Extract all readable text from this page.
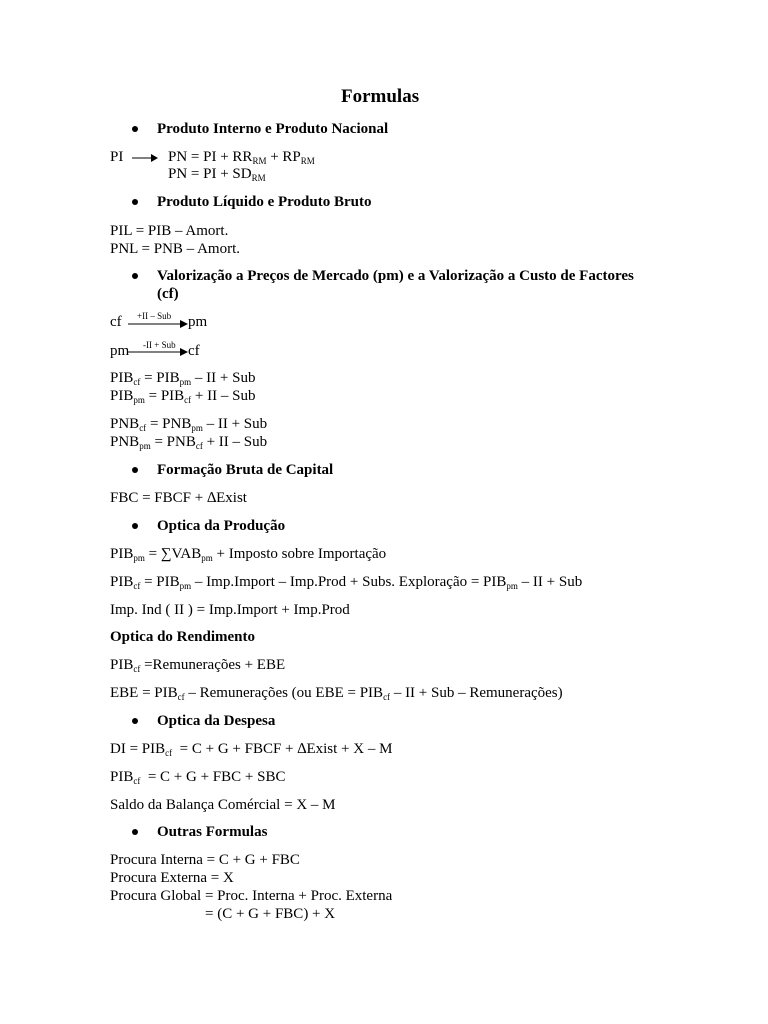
Formulas
Produto Interno e Produto Nacional
PI	PN = PI + $RR_{RM} + RP_{RM}$
PN = PI + $SD_{RM}$
Produto Líquido e Produto Bruto
PIL = PIB – Amort.
PNL = PNB – Amort.
Valorização a Preços de Mercado (pm) e a Valorização a Custo de Factores
(cf)
cf +II – Sub pm
pm -II + Sub cf
$PIB_{cf} = PIB_{pm}$ – II + Sub
$PIB_{pm} = PIB_{cf}$ + II – Sub
$PNB_{cf} = PNB_{pm}$ – II + Sub
$PNB_{pm} = PNB_{cf}$ + II – Sub
Formação Bruta de Capital
FBC = FBCF + ∆Exist
Optica da Produção
$PIB_{pm} = \sum VAB_{pm}$ + Imposto sobre Importação
$PIB_{cf} = PIB_{pm}$ – Imp.Import – Imp.Prod + Subs. Exploração = $PIB_{pm}$ – II + Sub
Imp. Ind ( II ) = Imp.Import + Imp.Prod
Optica do Rendimento
$PIB_{cf}$ =Remunerações + EBE
EBE = $PIB_{cf}$ – Remunerações (ou EBE = $PIB_{cf}$ – II + Sub – Remunerações)
Optica da Despesa
DI = $PIB_{cf} = C + G$ + FBCF + ∆Exist + X – M
$PIB_{cf} = C + G$ + FBC + SBC
Saldo da Balança Comércial = X – M
Outras Formulas
Procura Interna = C + G + FBC
Procura Externa = X
Procura Global = Proc. Interna + Proc. Externa
= (C + G + FBC) + X
